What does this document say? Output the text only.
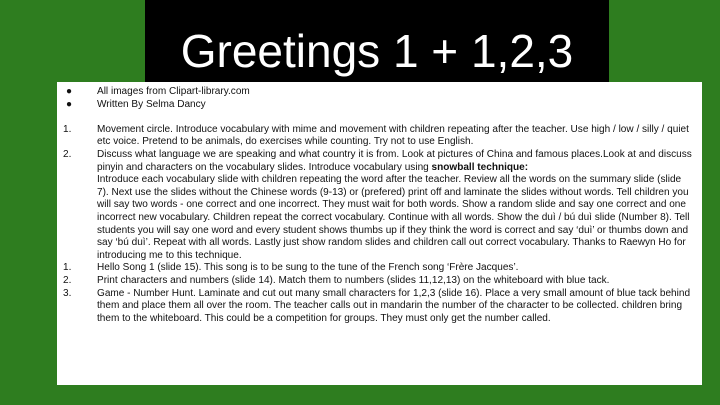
Greetings 1 + 1,2,3
●	All images from Clipart-library.com
●	Written By Selma Dancy
1.	Movement circle. Introduce vocabulary with mime and movement with children repeating after the teacher. Use high / low / silly / quiet etc voice. Pretend to be animals, do exercises while counting. Try not to use English.
2.	Discuss what language we are speaking and what country it is from. Look at pictures of China and famous places.Look at and discuss pinyin and characters on the vocabulary slides. Introduce vocabulary using snowball technique:
Introduce each vocabulary slide with children repeating the word after the teacher. Review all the words on the summary slide (slide 7). Next use the slides without the Chinese words (9-13) or (prefered) print off and laminate the slides without words. Tell children you will say two words - one correct and one incorrect. They must wait for both words. Show a random slide and say one correct and one incorrect new vocabulary. Children repeat the correct vocabulary. Continue with all words. Show the duì / bú duì slide (Number 8). Tell students you will say one word and every student shows thumbs up if they think the word is correct and say ‘duì’ or thumbs down and say ‘bú duì’. Repeat with all words. Lastly just show random slides and children call out correct vocabulary. Thanks to Raewyn Ho for introducing me to this technique.
1.	Hello Song 1 (slide 15). This song is to be sung to the tune of the French song ‘Frère Jacques’.
2.	Print characters and numbers (slide 14). Match them to numbers (slides 11,12,13) on the whiteboard with blue tack.
3.	Game - Number Hunt. Laminate and cut out many small characters for 1,2,3 (slide 16). Place a very small amount of blue tack behind them and place them all over the room. The teacher calls out in mandarin the number of the character to be collected. children bring them to the whiteboard. This could be a competition for groups. They must only get the number called.
